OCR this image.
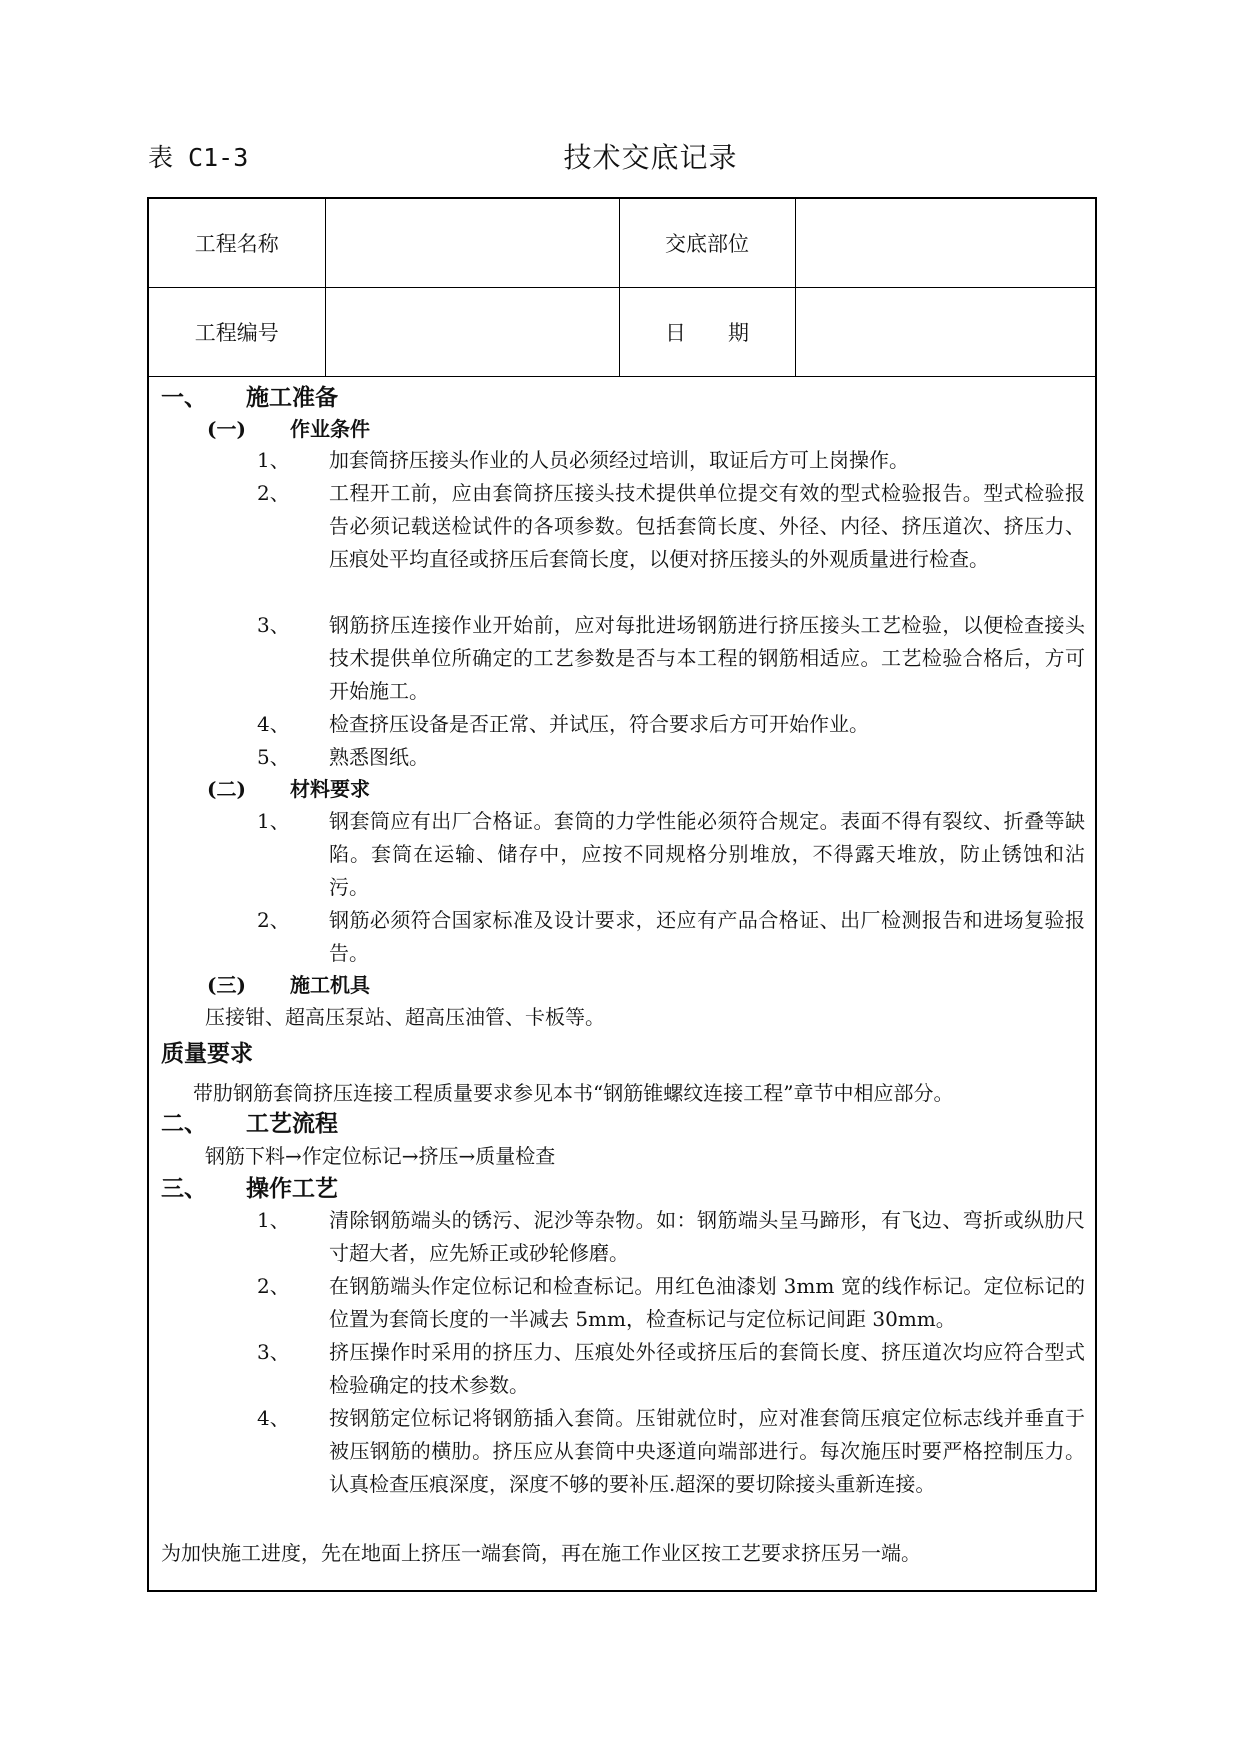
表 C1-3	技术交底记录
工程名称		交底部位	
工程编号		日　　期	
一、 施工准备
(一) 作业条件
1、 加套筒挤压接头作业的人员必须经过培训，取证后方可上岗操作。
2、 工程开工前，应由套筒挤压接头技术提供单位提交有效的型式检验报告。型式检验报告必须记载送检试件的各项参数。包括套筒长度、外径、内径、挤压道次、挤压力、压痕处平均直径或挤压后套筒长度，以便对挤压接头的外观质量进行检查。
3、 钢筋挤压连接作业开始前，应对每批进场钢筋进行挤压接头工艺检验，以便检查接头技术提供单位所确定的工艺参数是否与本工程的钢筋相适应。工艺检验合格后，方可开始施工。
4、 检查挤压设备是否正常、并试压，符合要求后方可开始作业。
5、 熟悉图纸。
(二) 材料要求
1、 钢套筒应有出厂合格证。套筒的力学性能必须符合规定。表面不得有裂纹、折叠等缺陷。套筒在运输、储存中，应按不同规格分别堆放，不得露天堆放，防止锈蚀和沾污。
2、 钢筋必须符合国家标准及设计要求，还应有产品合格证、出厂检测报告和进场复验报告。
(三) 施工机具
压接钳、超高压泵站、超高压油管、卡板等。
质量要求
带肋钢筋套筒挤压连接工程质量要求参见本书“钢筋锥螺纹连接工程”章节中相应部分。
二、 工艺流程
钢筋下料→作定位标记→挤压→质量检查
三、 操作工艺
1、 清除钢筋端头的锈污、泥沙等杂物。如：钢筋端头呈马蹄形，有飞边、弯折或纵肋尺寸超大者，应先矫正或砂轮修磨。
2、 在钢筋端头作定位标记和检查标记。用红色油漆划 3mm 宽的线作标记。定位标记的位置为套筒长度的一半减去 5mm，检查标记与定位标记间距 30mm。
3、 挤压操作时采用的挤压力、压痕处外径或挤压后的套筒长度、挤压道次均应符合型式检验确定的技术参数。
4、 按钢筋定位标记将钢筋插入套筒。压钳就位时，应对准套筒压痕定位标志线并垂直于被压钢筋的横肋。挤压应从套筒中央逐道向端部进行。每次施压时要严格控制压力。认真检查压痕深度，深度不够的要补压.超深的要切除接头重新连接。
为加快施工进度，先在地面上挤压一端套筒，再在施工作业区按工艺要求挤压另一端。
